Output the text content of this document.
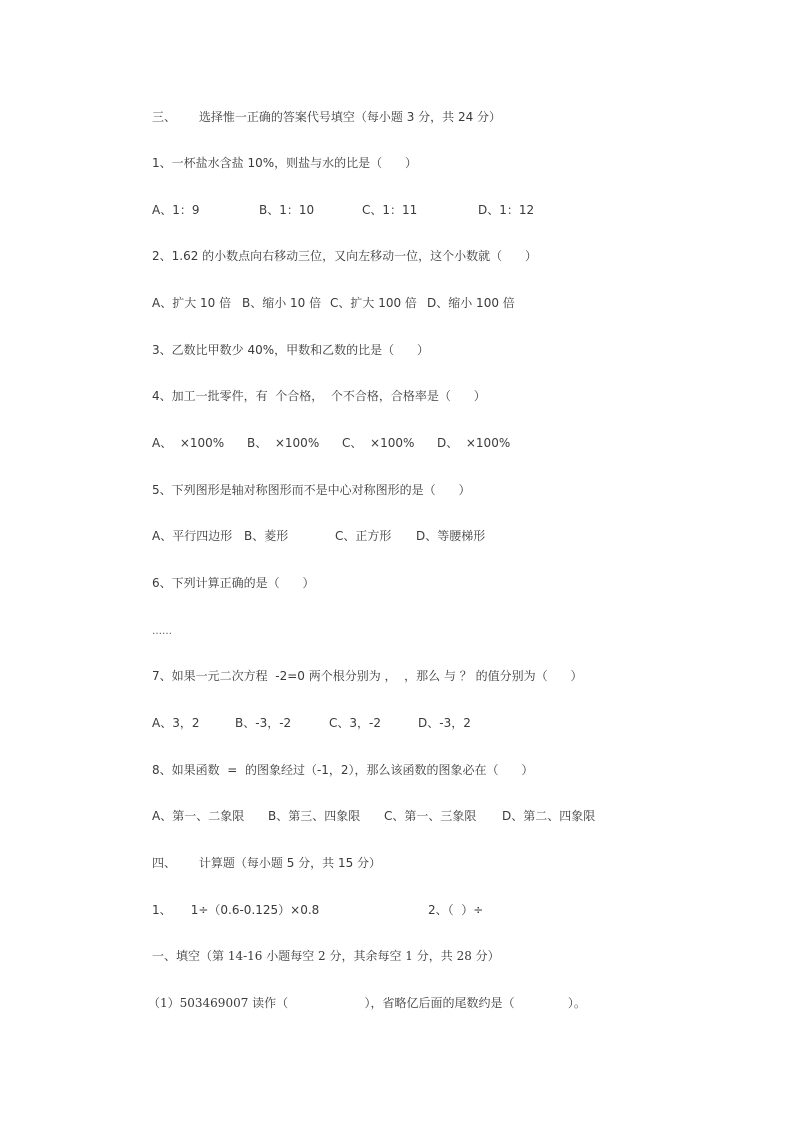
三、      选择惟一正确的答案代号填空（每小题 3 分，共 24 分）
1、一杯盐水含盐 10%，则盐与水的比是（      ）

A、1：9

	B、1：10

	C、1：11

	D、1：12

2、1.62 的小数点向右移动三位，又向左移动一位，这个小数就（      ）

A、扩大 10 倍

B、缩小 10 倍

C、扩大 100 倍

D、缩小 100 倍

3、乙数比甲数少 40%，甲数和乙数的比是（      ）
4、加工一批零件，有  个合格，  个不合格，合格率是（      ）

A、  ×100%

B、  ×100%

C、  ×100%

D、  ×100%

5、下列图形是轴对称图形而不是中心对称图形的是（      ）

A、平行四边形

B、菱形

	C、正方形

D、等腰梯形

6、下列计算正确的是（      ）
……
7、如果一元二次方程  -2=0 两个根分别为 ，  ，那么 与 ？ 的值分别为（      ）

A、3，2

	B、-3，-2

	C、3，-2

	D、-3，2

8、如果函数  =  的图象经过（-1，2），那么该函数的图象必在（      ）

A、第一、二象限

B、第三、四象限

C、第一、三象限

D、第二、四象限

四、      计算题（每小题 5 分，共 15 分）

1、     1÷（0.6-0.125）×0.8

	2、（  ）÷

一、填空（第 14-16 小题每空 2 分，其余每空 1 分，共 28 分）
（1）503469007 读作（                    ），省略亿后面的尾数约是（              ）。
